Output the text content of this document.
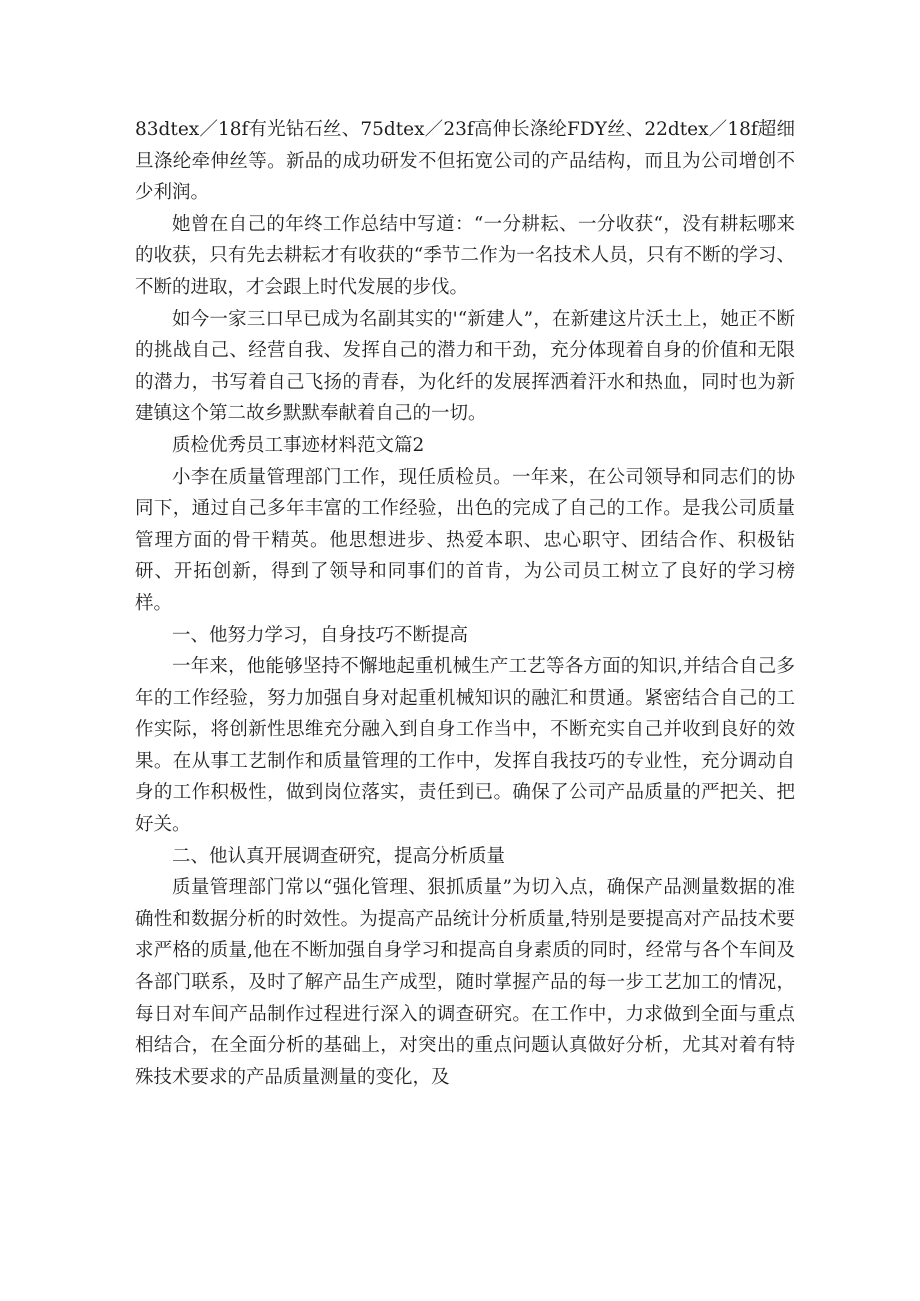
83dtex／18f有光钻石丝、75dtex／23f高伸长涤纶FDY丝、22dtex／18f超细旦涤纶牵伸丝等。新品的成功研发不但拓宽公司的产品结构，而且为公司增创不少利润。

她曾在自己的年终工作总结中写道：“一分耕耘、一分收获“，没有耕耘哪来的收获，只有先去耕耘才有收获的“季节二作为一名技术人员，只有不断的学习、不断的进取，才会跟上时代发展的步伐。

如今一家三口早已成为名副其实的'“新建人”，在新建这片沃土上，她正不断的挑战自己、经营自我、发挥自己的潜力和干劲，充分体现着自身的价值和无限的潜力，书写着自己飞扬的青春，为化纤的发展挥洒着汗水和热血，同时也为新建镇这个第二故乡默默奉献着自己的一切。

质检优秀员工事迹材料范文篇2

小李在质量管理部门工作，现任质检员。一年来，在公司领导和同志们的协同下，通过自己多年丰富的工作经验，出色的完成了自己的工作。是我公司质量管理方面的骨干精英。他思想进步、热爱本职、忠心职守、团结合作、积极钻研、开拓创新，得到了领导和同事们的首肯，为公司员工树立了良好的学习榜样。

一、他努力学习，自身技巧不断提高

一年来，他能够坚持不懈地起重机械生产工艺等各方面的知识,并结合自己多年的工作经验，努力加强自身对起重机械知识的融汇和贯通。紧密结合自己的工作实际，将创新性思维充分融入到自身工作当中，不断充实自己并收到良好的效果。在从事工艺制作和质量管理的工作中，发挥自我技巧的专业性，充分调动自身的工作积极性，做到岗位落实，责任到已。确保了公司产品质量的严把关、把好关。

二、他认真开展调查研究，提高分析质量

质量管理部门常以“强化管理、狠抓质量”为切入点，确保产品测量数据的准确性和数据分析的时效性。为提高产品统计分析质量,特别是要提高对产品技术要求严格的质量,他在不断加强自身学习和提高自身素质的同时，经常与各个车间及各部门联系，及时了解产品生产成型，随时掌握产品的每一步工艺加工的情况，每日对车间产品制作过程进行深入的调查研究。在工作中，力求做到全面与重点相结合，在全面分析的基础上，对突出的重点问题认真做好分析，尤其对着有特殊技术要求的产品质量测量的变化，及
